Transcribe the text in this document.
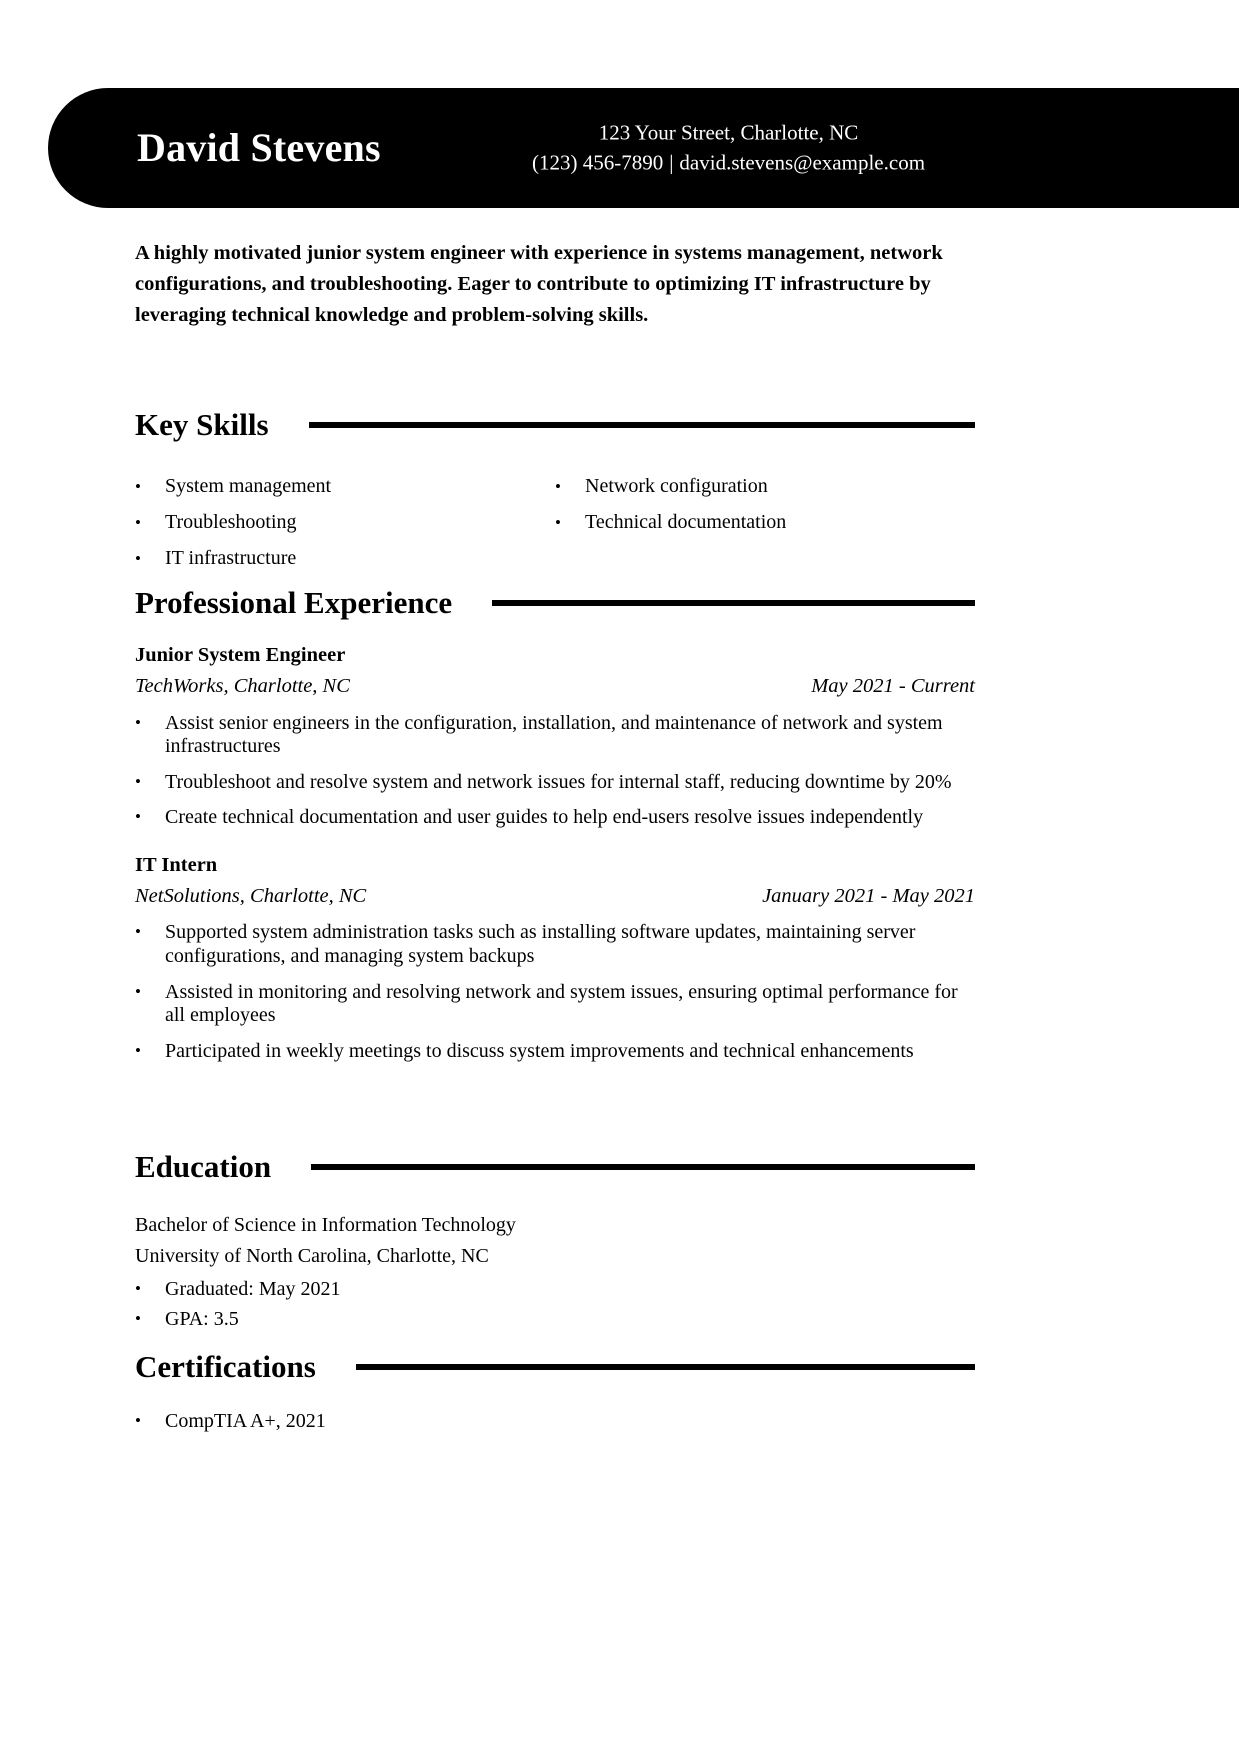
David Stevens	123 Your Street, Charlotte, NC
(123) 456-7890 | david.stevens@example.com
A highly motivated junior system engineer with experience in systems management, network configurations, and troubleshooting. Eager to contribute to optimizing IT infrastructure by leveraging technical knowledge and problem-solving skills.
Key Skills
•	System management	•	Network configuration
•	Troubleshooting	•	Technical documentation
•	IT infrastructure
Professional Experience
Junior System Engineer
TechWorks, Charlotte, NC	May 2021 - Current
•	Assist senior engineers in the configuration, installation, and maintenance of network and system infrastructures
•	Troubleshoot and resolve system and network issues for internal staff, reducing downtime by 20%
•	Create technical documentation and user guides to help end-users resolve issues independently
IT Intern
NetSolutions, Charlotte, NC	January 2021 - May 2021
•	Supported system administration tasks such as installing software updates, maintaining server configurations, and managing system backups
•	Assisted in monitoring and resolving network and system issues, ensuring optimal performance for all employees
•	Participated in weekly meetings to discuss system improvements and technical enhancements
Education
Bachelor of Science in Information Technology
University of North Carolina, Charlotte, NC
•	Graduated: May 2021
•	GPA: 3.5
Certifications
•	CompTIA A+, 2021
